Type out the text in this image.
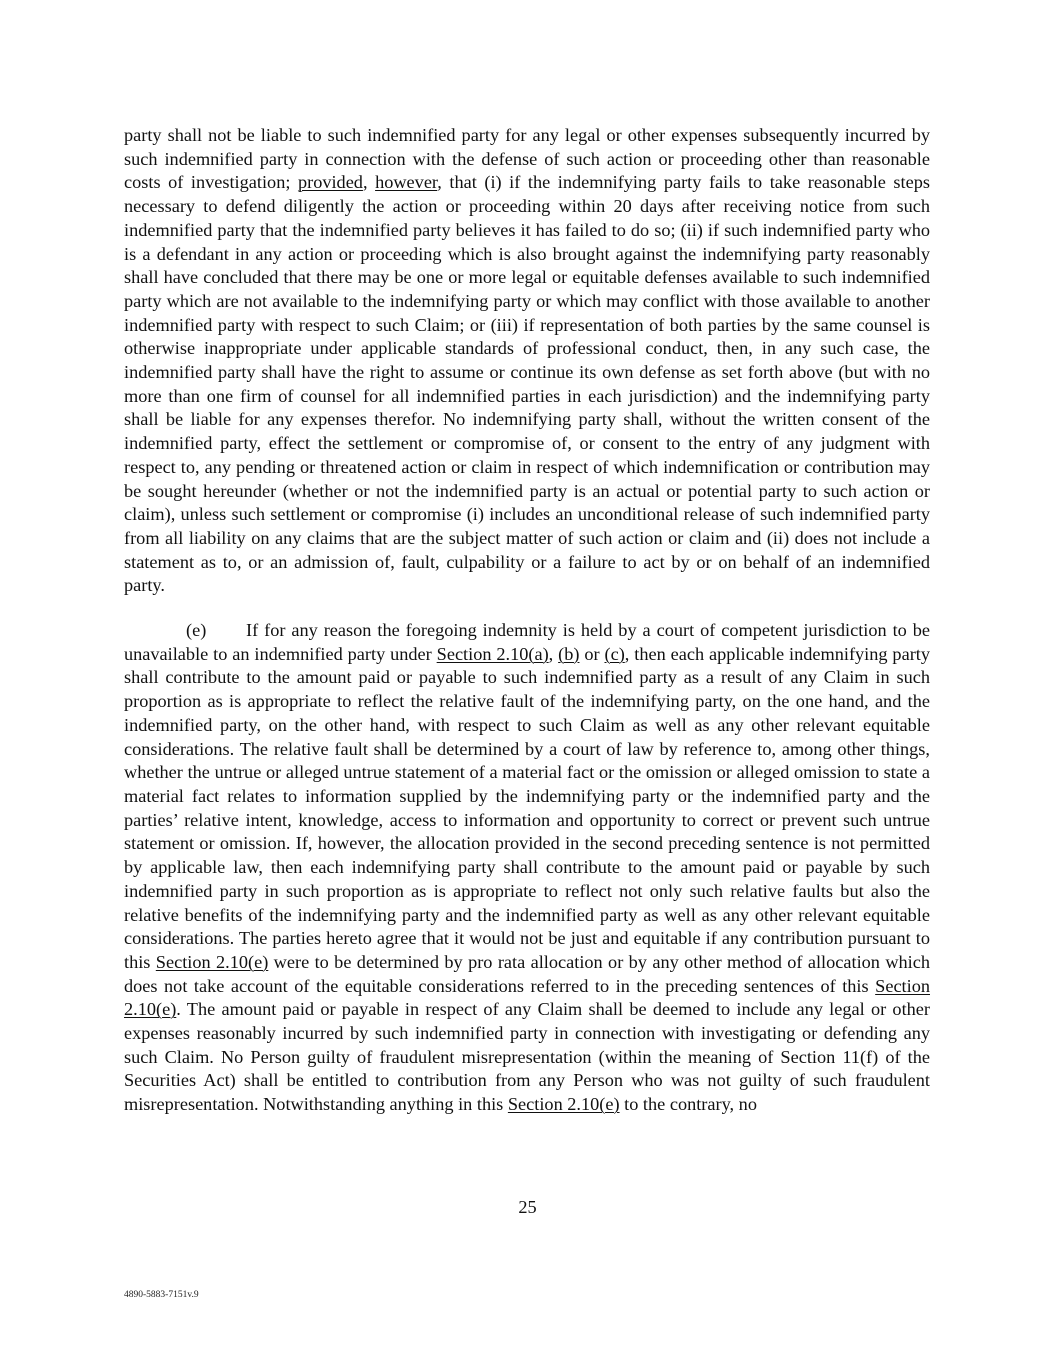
party shall not be liable to such indemnified party for any legal or other expenses subsequently incurred by such indemnified party in connection with the defense of such action or proceeding other than reasonable costs of investigation; provided, however, that (i) if the indemnifying party fails to take reasonable steps necessary to defend diligently the action or proceeding within 20 days after receiving notice from such indemnified party that the indemnified party believes it has failed to do so; (ii) if such indemnified party who is a defendant in any action or proceeding which is also brought against the indemnifying party reasonably shall have concluded that there may be one or more legal or equitable defenses available to such indemnified party which are not available to the indemnifying party or which may conflict with those available to another indemnified party with respect to such Claim; or (iii) if representation of both parties by the same counsel is otherwise inappropriate under applicable standards of professional conduct, then, in any such case, the indemnified party shall have the right to assume or continue its own defense as set forth above (but with no more than one firm of counsel for all indemnified parties in each jurisdiction) and the indemnifying party shall be liable for any expenses therefor. No indemnifying party shall, without the written consent of the indemnified party, effect the settlement or compromise of, or consent to the entry of any judgment with respect to, any pending or threatened action or claim in respect of which indemnification or contribution may be sought hereunder (whether or not the indemnified party is an actual or potential party to such action or claim), unless such settlement or compromise (i) includes an unconditional release of such indemnified party from all liability on any claims that are the subject matter of such action or claim and (ii) does not include a statement as to, or an admission of, fault, culpability or a failure to act by or on behalf of an indemnified party.

(e) If for any reason the foregoing indemnity is held by a court of competent jurisdiction to be unavailable to an indemnified party under Section 2.10(a), (b) or (c), then each applicable indemnifying party shall contribute to the amount paid or payable to such indemnified party as a result of any Claim in such proportion as is appropriate to reflect the relative fault of the indemnifying party, on the one hand, and the indemnified party, on the other hand, with respect to such Claim as well as any other relevant equitable considerations. The relative fault shall be determined by a court of law by reference to, among other things, whether the untrue or alleged untrue statement of a material fact or the omission or alleged omission to state a material fact relates to information supplied by the indemnifying party or the indemnified party and the parties’ relative intent, knowledge, access to information and opportunity to correct or prevent such untrue statement or omission. If, however, the allocation provided in the second preceding sentence is not permitted by applicable law, then each indemnifying party shall contribute to the amount paid or payable by such indemnified party in such proportion as is appropriate to reflect not only such relative faults but also the relative benefits of the indemnifying party and the indemnified party as well as any other relevant equitable considerations. The parties hereto agree that it would not be just and equitable if any contribution pursuant to this Section 2.10(e) were to be determined by pro rata allocation or by any other method of allocation which does not take account of the equitable considerations referred to in the preceding sentences of this Section 2.10(e). The amount paid or payable in respect of any Claim shall be deemed to include any legal or other expenses reasonably incurred by such indemnified party in connection with investigating or defending any such Claim. No Person guilty of fraudulent misrepresentation (within the meaning of Section 11(f) of the Securities Act) shall be entitled to contribution from any Person who was not guilty of such fraudulent misrepresentation. Notwithstanding anything in this Section 2.10(e) to the contrary, no

25
4890-5883-7151v.9
